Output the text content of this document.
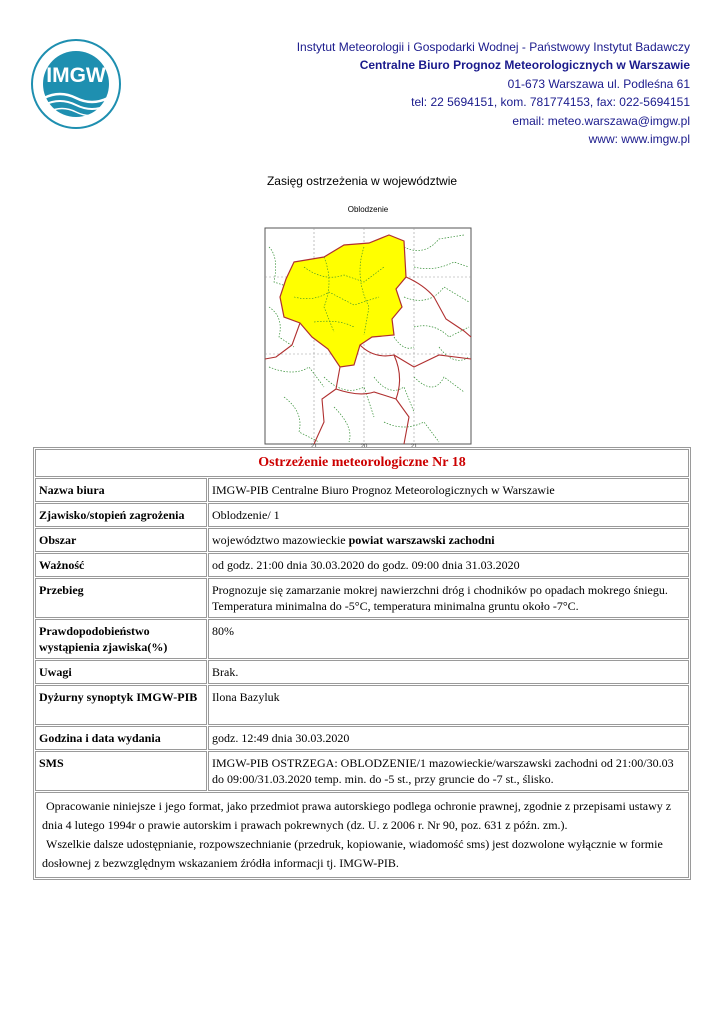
IMGW
Instytut Meteorologii i Gospodarki Wodnej - Państwowy Instytut Badawczy
Centralne Biuro Prognoz Meteorologicznych w Warszawie
01-673 Warszawa ul. Podleśna 61
tel: 22 5694151, kom. 781774153, fax: 022-5694151
email: meteo.warszawa@imgw.pl
www: www.imgw.pl
Zasięg ostrzeżenia w województwie
Oblodzenie
21	20	21
Ostrzeżenie meteorologiczne Nr 18	
Nazwa biura	IMGW-PIB Centralne Biuro Prognoz Meteorologicznych w Warszawie
Zjawisko/stopień zagrożenia	Oblodzenie/ 1
Obszar	województwo mazowieckie powiat warszawski zachodni
Ważność	od godz. 21:00 dnia 30.03.2020 do godz. 09:00 dnia 31.03.2020
Przebieg	Prognozuje się zamarzanie mokrej nawierzchni dróg i chodników po opadach mokrego śniegu. Temperatura minimalna do -5°C, temperatura minimalna gruntu około -7°C.
Prawdopodobieństwo wystąpienia zjawiska(%)	80%
Uwagi	Brak.
Dyżurny synoptyk IMGW-PIB	Ilona Bazyluk
Godzina i data wydania	godz. 12:49 dnia 30.03.2020
SMS	IMGW-PIB OSTRZEGA: OBLODZENIE/1 mazowieckie/warszawski zachodni od 21:00/30.03 do 09:00/31.03.2020 temp. min. do -5 st., przy gruncie do -7 st., ślisko.

Opracowanie niniejsze i jego format, jako przedmiot prawa autorskiego podlega ochronie prawnej, zgodnie z przepisami ustawy z dnia 4 lutego 1994r o prawie autorskim i prawach pokrewnych (dz. U. z 2006 r. Nr 90, poz. 631 z późn. zm.).

Wszelkie dalsze udostępnianie, rozpowszechnianie (przedruk, kopiowanie, wiadomość sms) jest dozwolone wyłącznie w formie dosłownej z bezwzględnym wskazaniem źródła informacji tj. IMGW-PIB.	
